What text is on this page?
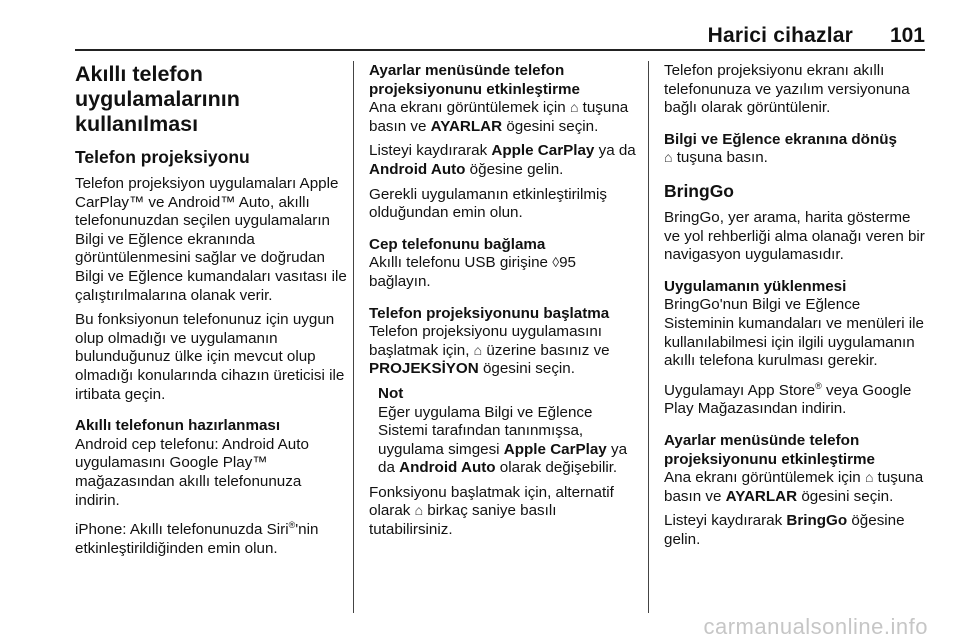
Harici cihazlar 101
Akıllı telefon uygulamalarının kullanılması
Telefon projeksiyonu

Telefon projeksiyon uygulamaları Apple CarPlay™ ve Android™ Auto, akıllı telefonunuzdan seçilen uygulamaların Bilgi ve Eğlence ekranında görüntülenmesini sağlar ve doğrudan Bilgi ve Eğlence kumandaları vasıtası ile çalıştırılmalarına olanak verir.

Bu fonksiyonun telefonunuz için uygun olup olmadığı ve uygulamanın bulunduğunuz ülke için mevcut olup olmadığı konularında cihazın üreticisi ile irtibata geçin.

Akıllı telefonun hazırlanması

Android cep telefonu: Android Auto uygulamasını Google Play™ mağazasından akıllı telefonunuza indirin.

iPhone: Akıllı telefonunuzda Siri®'nin etkinleştirildiğinden emin olun.

Ayarlar menüsünde telefon projeksiyonunu etkinleştirme

Ana ekranı görüntülemek için ⌂ tuşuna basın ve AYARLAR ögesini seçin.

Listeyi kaydırarak Apple CarPlay ya da Android Auto öğesine gelin.

Gerekli uygulamanın etkinleştirilmiş olduğundan emin olun.

Cep telefonunu bağlama

Akıllı telefonu USB girişine ◊95 bağlayın.

Telefon projeksiyonunu başlatma

Telefon projeksiyonu uygulamasını başlatmak için, ⌂ üzerine basınız ve PROJEKSİYON ögesini seçin.

Not

Eğer uygulama Bilgi ve Eğlence Sistemi tarafından tanınmışsa, uygulama simgesi Apple CarPlay ya da Android Auto olarak değişebilir.

Fonksiyonu başlatmak için, alternatif olarak ⌂ birkaç saniye basılı tutabilirsiniz.

Telefon projeksiyonu ekranı akıllı telefonunuza ve yazılım versiyonuna bağlı olarak görüntülenir.

Bilgi ve Eğlence ekranına dönüş

⌂ tuşuna basın.

BringGo

BringGo, yer arama, harita gösterme ve yol rehberliği alma olanağı veren bir navigasyon uygulamasıdır.

Uygulamanın yüklenmesi

BringGo'nun Bilgi ve Eğlence Sisteminin kumandaları ve menüleri ile kullanılabilmesi için ilgili uygulamanın akıllı telefona kurulması gerekir.

Uygulamayı App Store® veya Google Play Mağazasından indirin.

Ayarlar menüsünde telefon projeksiyonunu etkinleştirme

Ana ekranı görüntülemek için ⌂ tuşuna basın ve AYARLAR ögesini seçin.

Listeyi kaydırarak BringGo öğesine gelin.

carmanualsonline.info
